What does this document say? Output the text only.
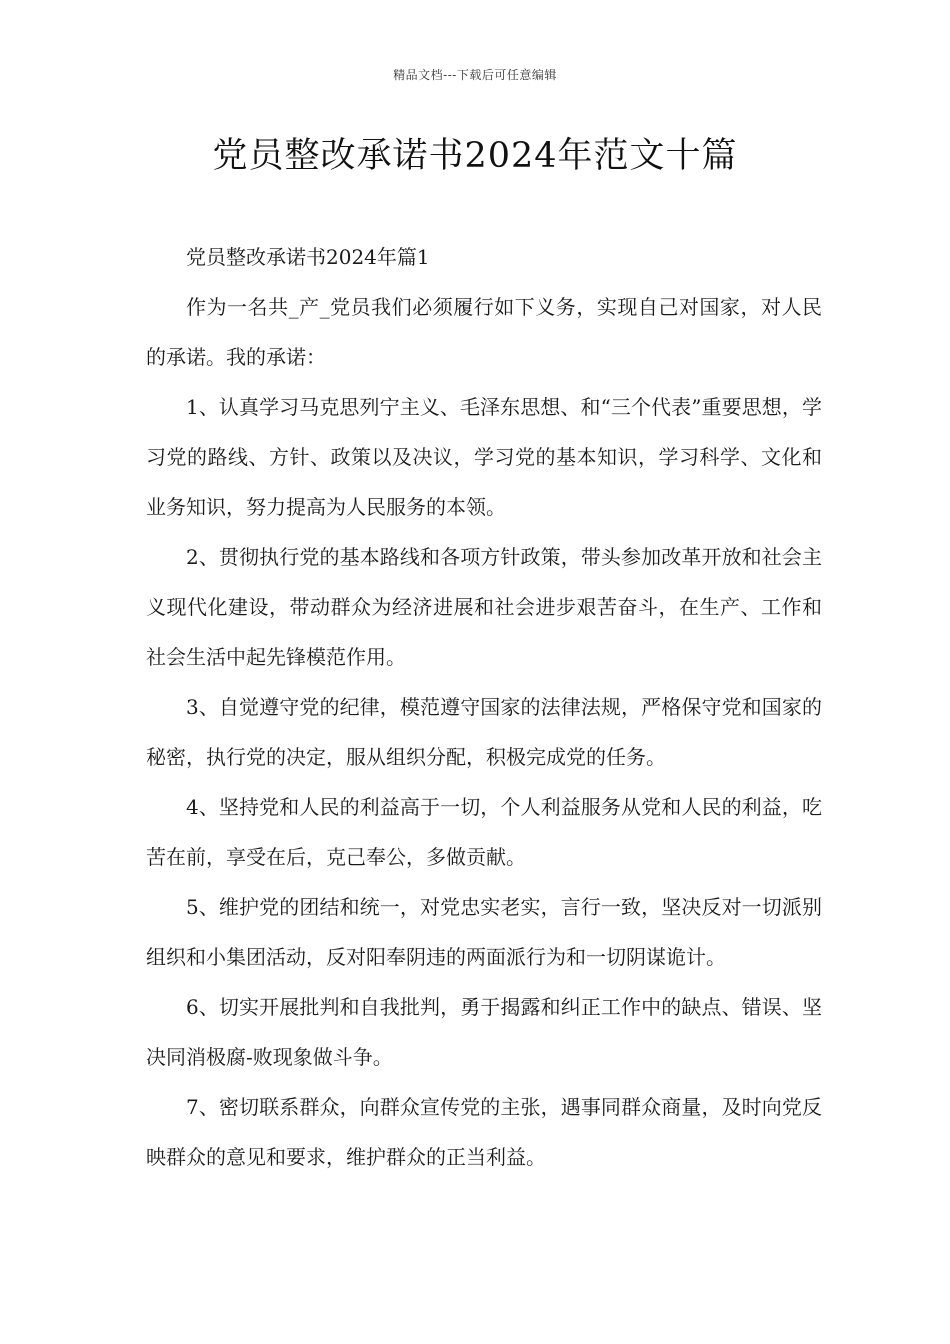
精品文档---下载后可任意编辑
党员整改承诺书2024年范文十篇

党员整改承诺书2024年篇1

作为一名共_产_党员我们必须履行如下义务，实现自己对国家，对人民的承诺。我的承诺：

1、认真学习马克思列宁主义、毛泽东思想、和“三个代表”重要思想，学习党的路线、方针、政策以及决议，学习党的基本知识，学习科学、文化和业务知识，努力提高为人民服务的本领。

2、贯彻执行党的基本路线和各项方针政策，带头参加改革开放和社会主义现代化建设，带动群众为经济进展和社会进步艰苦奋斗，在生产、工作和社会生活中起先锋模范作用。

3、自觉遵守党的纪律，模范遵守国家的法律法规，严格保守党和国家的秘密，执行党的决定，服从组织分配，积极完成党的任务。

4、坚持党和人民的利益高于一切，个人利益服务从党和人民的利益，吃苦在前，享受在后，克己奉公，多做贡献。

5、维护党的团结和统一，对党忠实老实，言行一致，坚决反对一切派别组织和小集团活动，反对阳奉阴违的两面派行为和一切阴谋诡计。

6、切实开展批判和自我批判，勇于揭露和纠正工作中的缺点、错误、坚决同消极腐-败现象做斗争。

7、密切联系群众，向群众宣传党的主张，遇事同群众商量，及时向党反映群众的意见和要求，维护群众的正当利益。
